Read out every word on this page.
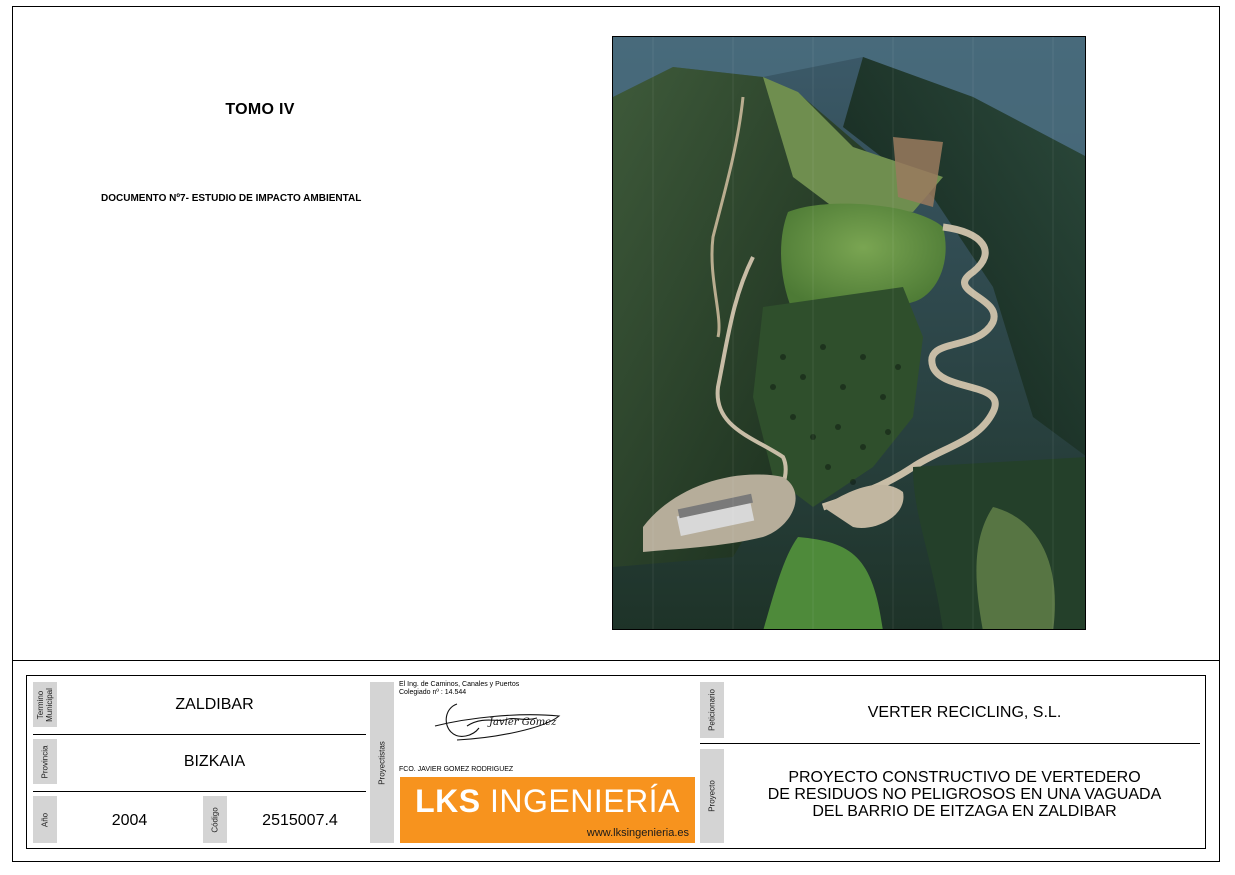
TOMO IV
DOCUMENTO Nº7- ESTUDIO DE IMPACTO AMBIENTAL
Termino Municipal	ZALDIBAR
Provincia	BIZKAIA
Año	2004	Código	2515007.4
Proyectistas
El Ing. de Caminos, Canales y Puertos
Colegiado nº : 14.544
Javier Gomez
FCO. JAVIER GOMEZ RODRIGUEZ
LKS INGENIERÍA
www.lksingenieria.es
Peticionario	VERTER RECICLING, S.L.
Proyecto
PROYECTO CONSTRUCTIVO DE VERTEDERO
DE RESIDUOS NO PELIGROSOS EN UNA VAGUADA
DEL BARRIO DE EITZAGA EN ZALDIBAR
